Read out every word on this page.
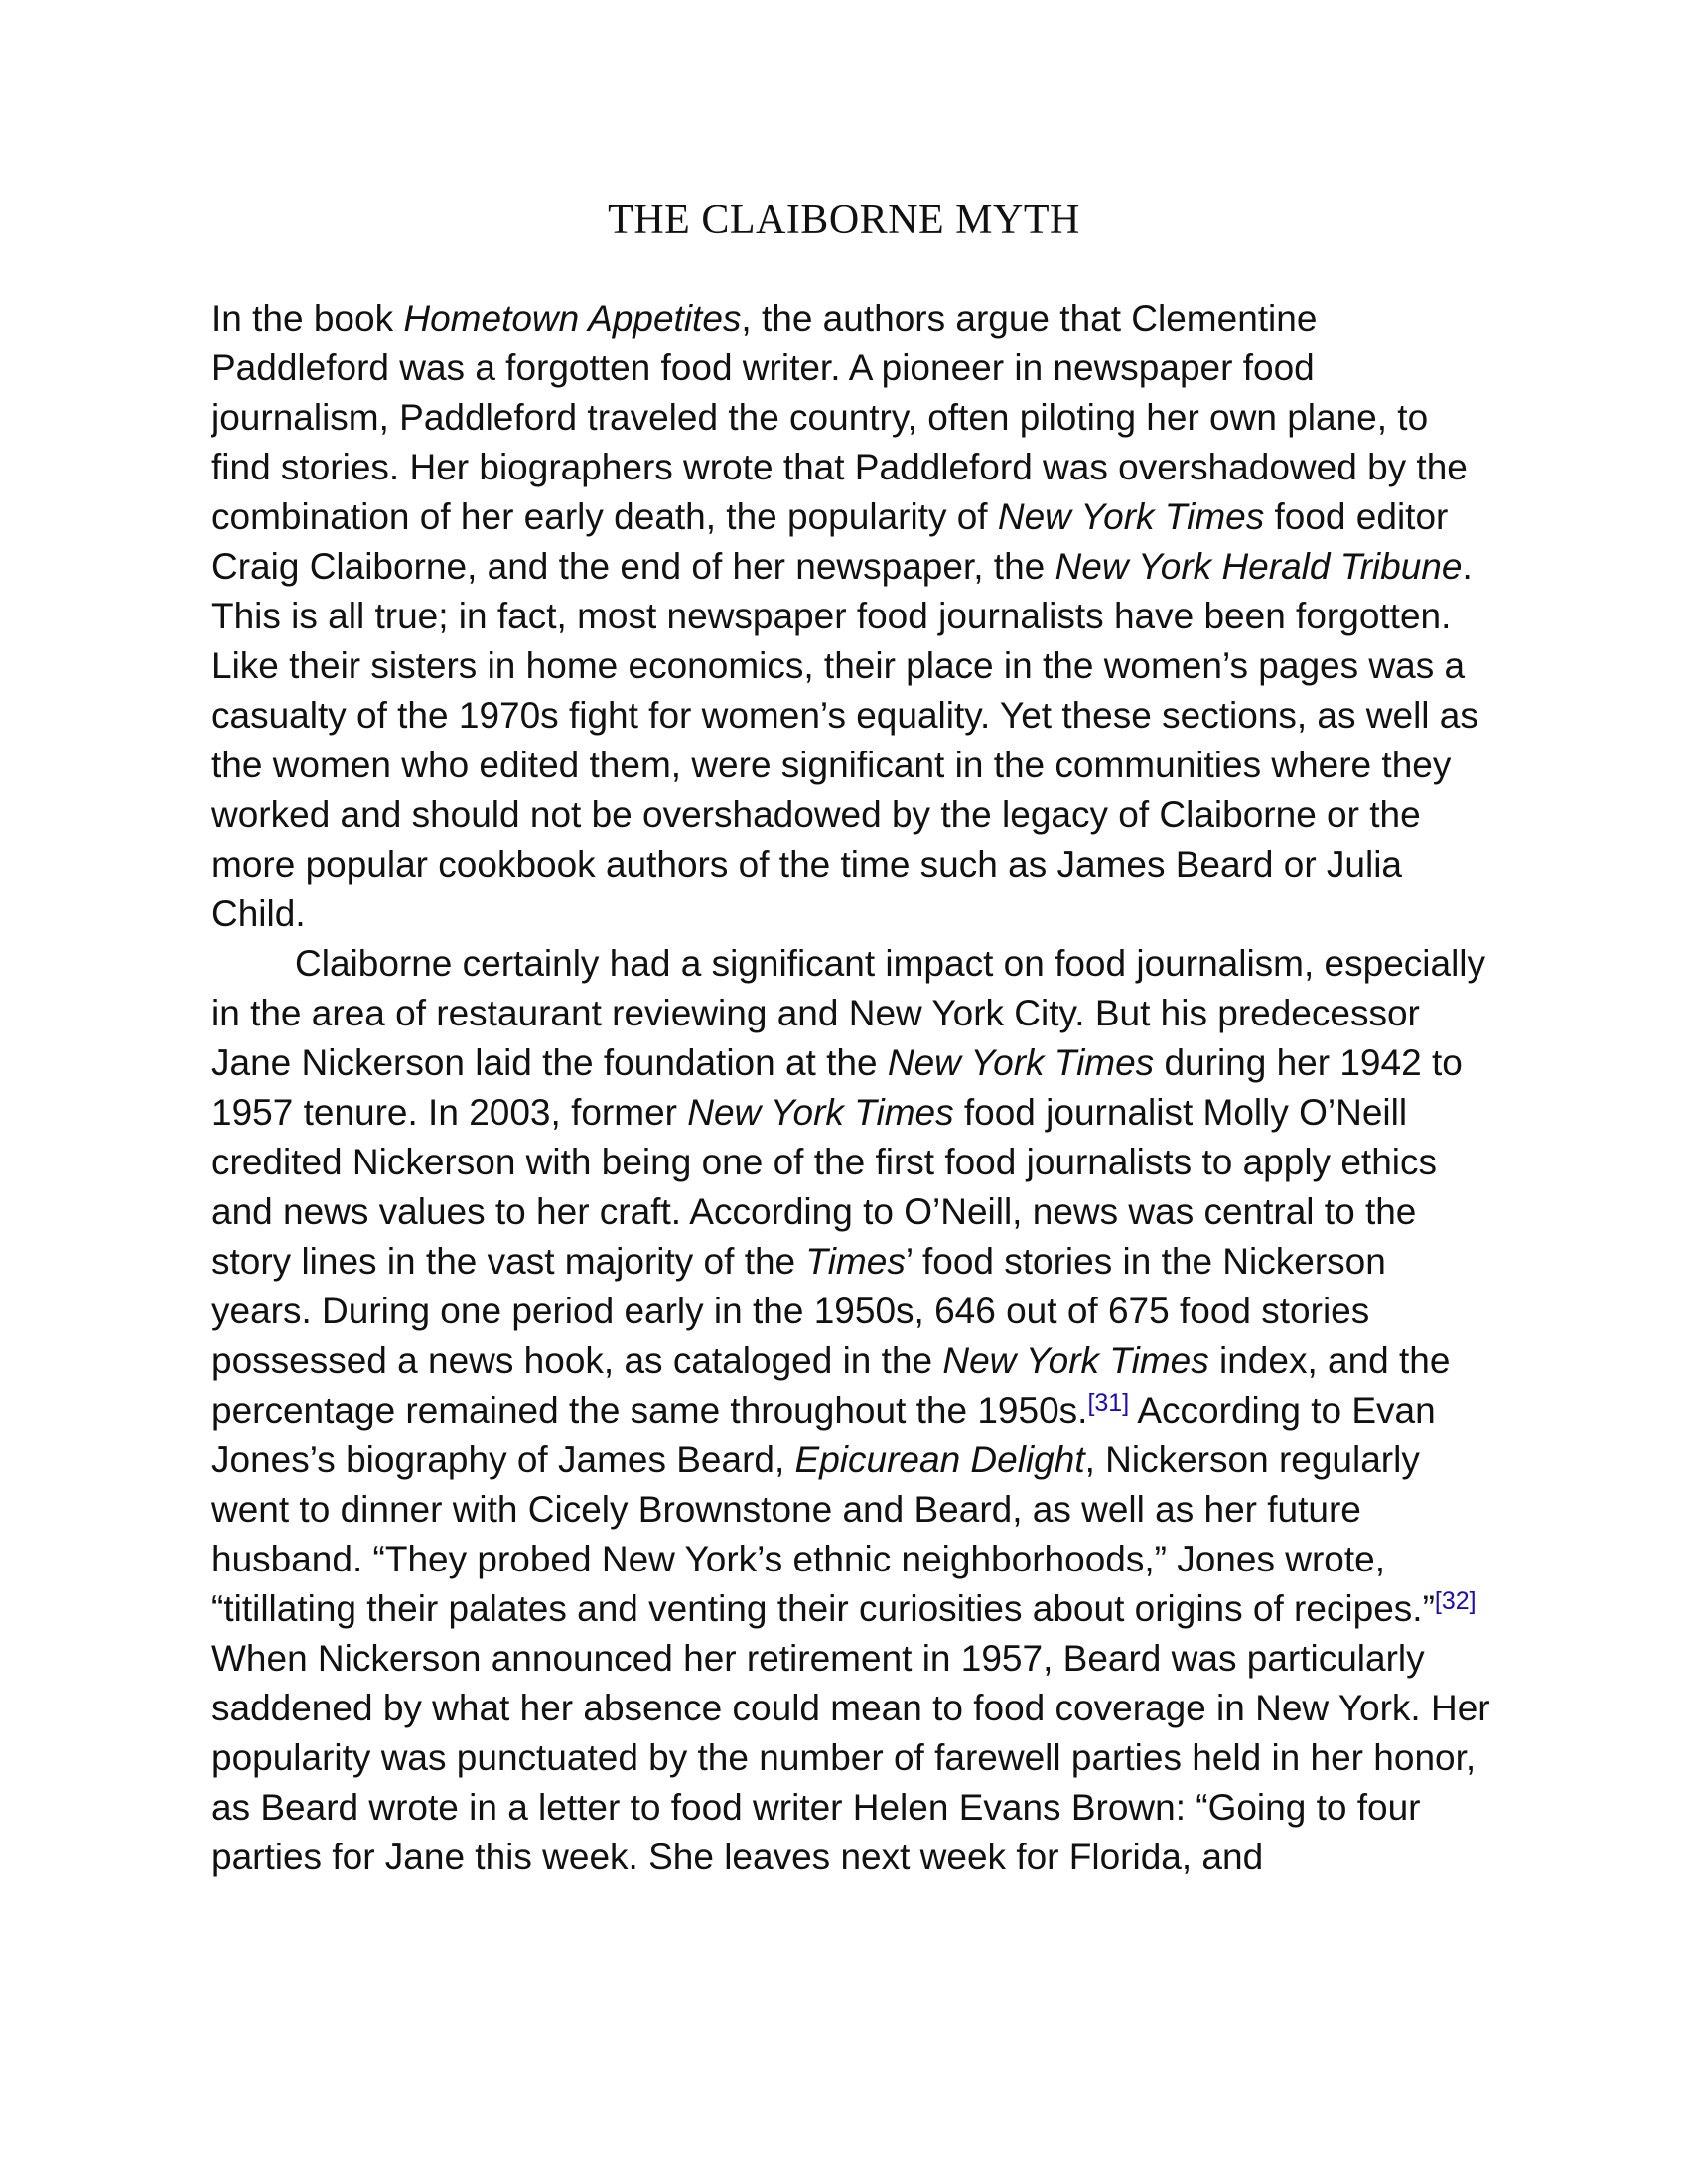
THE CLAIBORNE MYTH

In the book Hometown Appetites, the authors argue that Clementine Paddleford was a forgotten food writer. A pioneer in newspaper food journalism, Paddleford traveled the country, often piloting her own plane, to find stories. Her biographers wrote that Paddleford was overshadowed by the combination of her early death, the popularity of New York Times food editor Craig Claiborne, and the end of her newspaper, the New York Herald Tribune. This is all true; in fact, most newspaper food journalists have been forgotten. Like their sisters in home economics, their place in the women’s pages was a casualty of the 1970s fight for women’s equality. Yet these sections, as well as the women who edited them, were significant in the communities where they worked and should not be overshadowed by the legacy of Claiborne or the more popular cookbook authors of the time such as James Beard or Julia Child.

Claiborne certainly had a significant impact on food journalism, especially in the area of restaurant reviewing and New York City. But his predecessor Jane Nickerson laid the foundation at the New York Times during her 1942 to 1957 tenure. In 2003, former New York Times food journalist Molly O’Neill credited Nickerson with being one of the first food journalists to apply ethics and news values to her craft. According to O’Neill, news was central to the story lines in the vast majority of the Times’ food stories in the Nickerson years. During one period early in the 1950s, 646 out of 675 food stories possessed a news hook, as cataloged in the New York Times index, and the percentage remained the same throughout the 1950s.[31] According to Evan Jones’s biography of James Beard, Epicurean Delight, Nickerson regularly went to dinner with Cicely Brownstone and Beard, as well as her future husband. “They probed New York’s ethnic neighborhoods,” Jones wrote, “titillating their palates and venting their curiosities about origins of recipes.”[32] When Nickerson announced her retirement in 1957, Beard was particularly saddened by what her absence could mean to food coverage in New York. Her popularity was punctuated by the number of farewell parties held in her honor, as Beard wrote in a letter to food writer Helen Evans Brown: “Going to four parties for Jane this week. She leaves next week for Florida, and
